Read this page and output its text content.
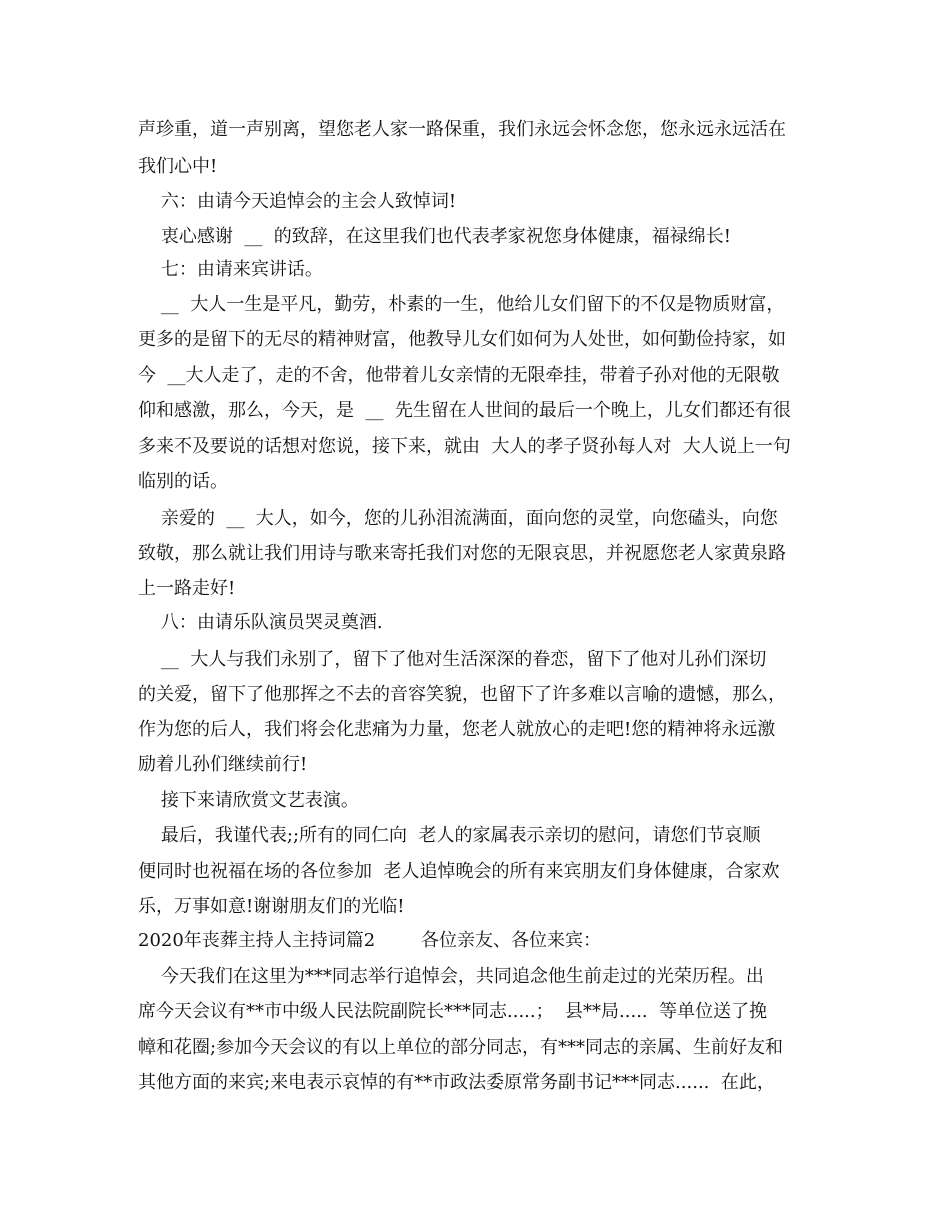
声珍重，道一声别离，望您老人家一路保重，我们永远会怀念您，您永远永远活在
我们心中!
六：由请今天追悼会的主会人致悼词!
衷心感谢  __  的致辞，在这里我们也代表孝家祝您身体健康，福禄绵长!
七：由请来宾讲话。
__  大人一生是平凡，勤劳，朴素的一生，他给儿女们留下的不仅是物质财富，
更多的是留下的无尽的精神财富，他教导儿女们如何为人处世，如何勤俭持家，如
今  __大人走了，走的不舍，他带着儿女亲情的无限牵挂，带着子孙对他的无限敬
仰和感激，那么，今天，是  __  先生留在人世间的最后一个晚上，儿女们都还有很
多来不及要说的话想对您说，接下来，就由  大人的孝子贤孙每人对  大人说上一句
临别的话。
亲爱的  __  大人，如今，您的儿孙泪流满面，面向您的灵堂，向您磕头，向您
致敬，那么就让我们用诗与歌来寄托我们对您的无限哀思，并祝愿您老人家黄泉路
上一路走好!
八：由请乐队演员哭灵奠酒.
__  大人与我们永别了，留下了他对生活深深的眷恋，留下了他对儿孙们深切
的关爱，留下了他那挥之不去的音容笑貌，也留下了许多难以言喻的遗憾，那么，
作为您的后人，我们将会化悲痛为力量，您老人就放心的走吧!您的精神将永远激
励着儿孙们继续前行!
接下来请欣赏文艺表演。
最后，我谨代表;;所有的同仁向  老人的家属表示亲切的慰问，请您们节哀顺
便同时也祝福在场的各位参加  老人追悼晚会的所有来宾朋友们身体健康，合家欢
乐，万事如意!谢谢朋友们的光临!
2020年丧葬主持人主持词篇2        各位亲友、各位来宾：
今天我们在这里为***同志举行追悼会，共同追念他生前走过的光荣历程。出
席今天会议有**市中级人民法院副院长***同志.....；  县**局.....  等单位送了挽
幛和花圈;参加今天会议的有以上单位的部分同志，有***同志的亲属、生前好友和
其他方面的来宾;来电表示哀悼的有**市政法委原常务副书记***同志......  在此，
